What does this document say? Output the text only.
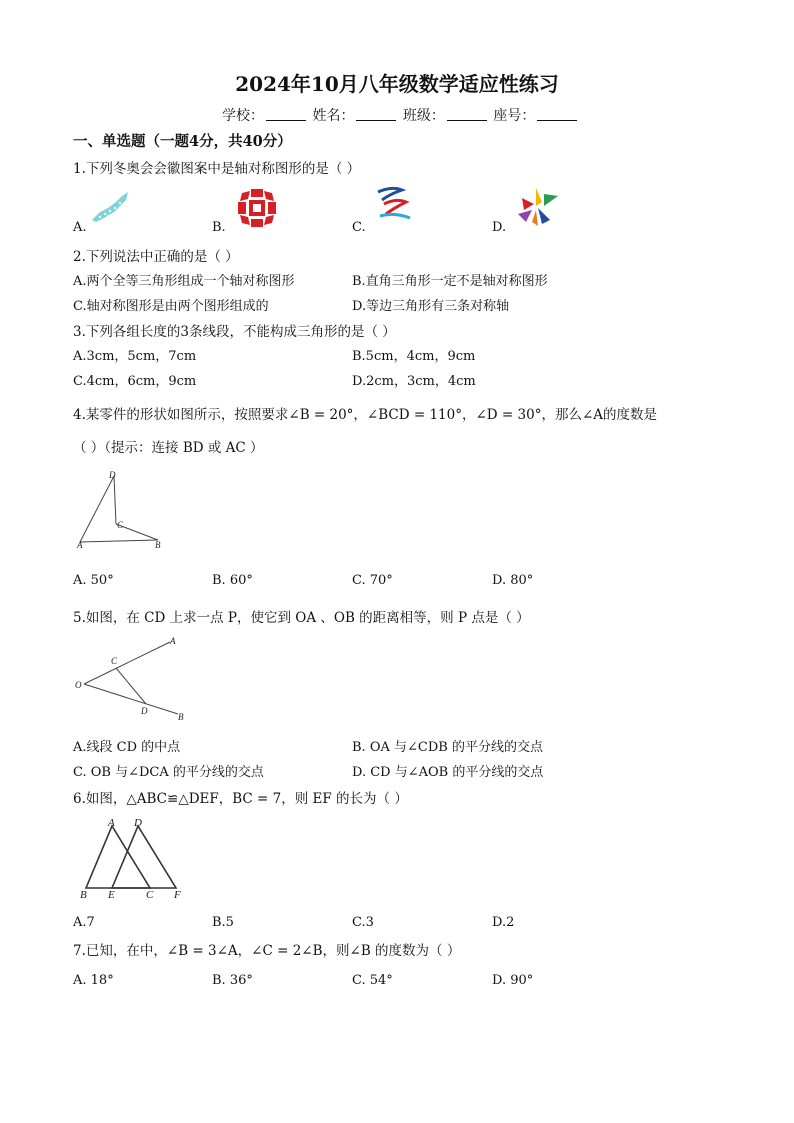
2024年10月八年级数学适应性练习
学校：	姓名：	班级：	座号：
一、单选题（一题4分，共40分）
1.下列冬奥会会徽图案中是轴对称图形的是（ ）
A.	B.	C.	D.
2.下列说法中正确的是（ ）
A.两个全等三角形组成一个轴对称图形	B.直角三角形一定不是轴对称图形
C.轴对称图形是由两个图形组成的	D.等边三角形有三条对称轴
3.下列各组长度的3条线段，不能构成三角形的是（ ）
A.3cm，5cm，7cm	B.5cm，4cm，9cm
C.4cm，6cm，9cm	D.2cm，3cm，4cm
4.某零件的形状如图所示，按照要求∠B = 20°，∠BCD = 110°，∠D = 30°，那么∠A的度数是
（ ）（提示：连接 BD 或 AC ）
D
C
A	B
A. 50°	B. 60°	C. 70°	D. 80°
5.如图，在 CD 上求一点 P，使它到 OA 、OB 的距离相等，则 P 点是（ ）
A
C
O
D
B
A.线段 CD 的中点	B. OA 与∠CDB 的平分线的交点
C. OB 与∠DCA 的平分线的交点	D. CD 与∠AOB 的平分线的交点
6.如图，△ABC≌△DEF，BC = 7，则 EF 的长为（ ）
A D
B E	C F
A.7	B.5	C.3	D.2
7.已知，在中，∠B = 3∠A，∠C = 2∠B，则∠B 的度数为（ ）
A. 18°	B. 36°	C. 54°	D. 90°
